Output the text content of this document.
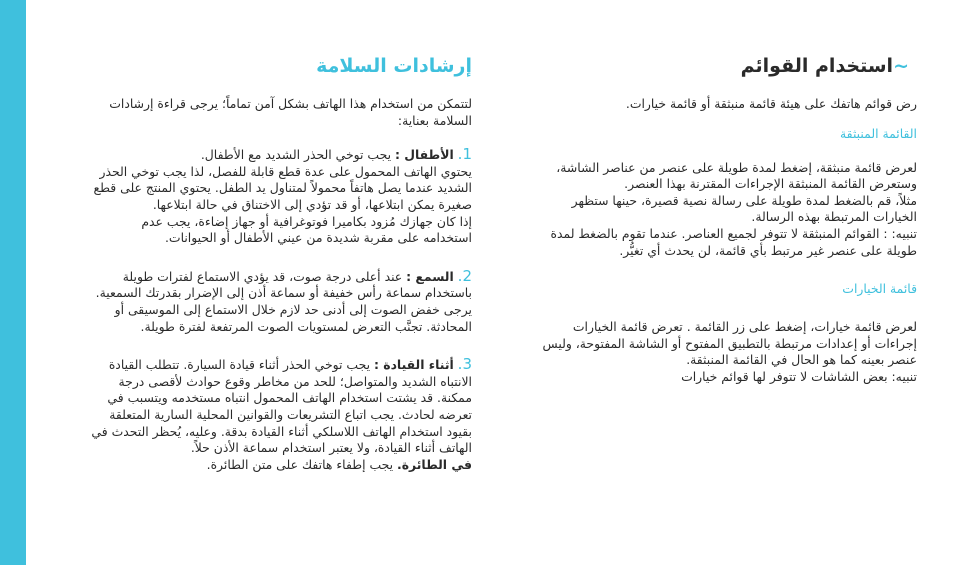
~استخدام القوائم

رض قوائم هاتفك على هيئة قائمة منبثقة أو قائمة خيارات.

القائمة المنبثقة

لعرض قائمة منبثقة، إضغط لمدة طويلة على عنصر من عناصر الشاشة،

وستعرض القائمة المنبثقة الإجراءات المقترنة بهذا العنصر.

مثلاً، قم بالضغط لمدة طويلة على رسالة نصية قصيرة، حينها ستظهر

الخيارات المرتبطة بهذه الرسالة.

تنبيه: : القوائم المنبثقة لا تتوفر لجميع العناصر. عندما تقوم بالضغط لمدة

طويلة على عنصر غير مرتبط بأي قائمة، لن يحدث أي تغيُّر.

قائمة الخيارات

لعرض قائمة خيارات، إضغط على زر القائمة . تعرض قائمة الخيارات

إجراءات أو إعدادات مرتبطة بالتطبيق المفتوح أو الشاشة المفتوحة، وليس

عنصر بعينه كما هو الحال في القائمة المنبثقة.

تنبيه: بعض الشاشات لا تتوفر لها قوائم خيارات

إرشادات السلامة

لتتمكن من استخدام هذا الهاتف بشكل آمن تماماً؛ يرجى قراءة إرشادات

السلامة بعناية:

1. الأطفال : يجب توخي الحذر الشديد مع الأطفال.

يحتوي الهاتف المحمول على عدة قطع قابلة للفصل، لذا يجب توخي الحذر

الشديد عندما يصل هاتفاً محمولاً لمتناول يد الطفل. يحتوي المنتج على قطع

صغيرة يمكن ابتلاعها، أو قد تؤدي إلى الاختناق في حالة ابتلاعها.

إذا كان جهازك مُزود بكاميرا فوتوغرافية أو جهاز إضاءة، يجب عدم

استخدامه على مقربة شديدة من عيني الأطفال أو الحيوانات.

2. السمع : عند أعلى درجة صوت، قد يؤدي الاستماع لفترات طويلة

باستخدام سماعة رأس خفيفة أو سماعة أذن إلى الإضرار بقدرتك السمعية.

يرجى خفض الصوت إلى أدنى حد لازم خلال الاستماع إلى الموسيقى أو

المحادثة. تجنَّب التعرض لمستويات الصوت المرتفعة لفترة طويلة.

3. أثناء القيادة : يجب توخي الحذر أثناء قيادة السيارة. تتطلب القيادة

الانتباه الشديد والمتواصل؛ للحد من مخاطر وقوع حوادث لأقصى درجة

ممكنة. قد يشتت استخدام الهاتف المحمول انتباه مستخدمه ويتسبب في

تعرضه لحادث. يجب اتباع التشريعات والقوانين المحلية السارية المتعلقة

بقيود استخدام الهاتف اللاسلكي أثناء القيادة بدقة. وعليه، يُحظر التحدث في

الهاتف أثناء القيادة، ولا يعتبر استخدام سماعة الأذن حلاً.

في الطائرة. يجب إطفاء هاتفك على متن الطائرة.
